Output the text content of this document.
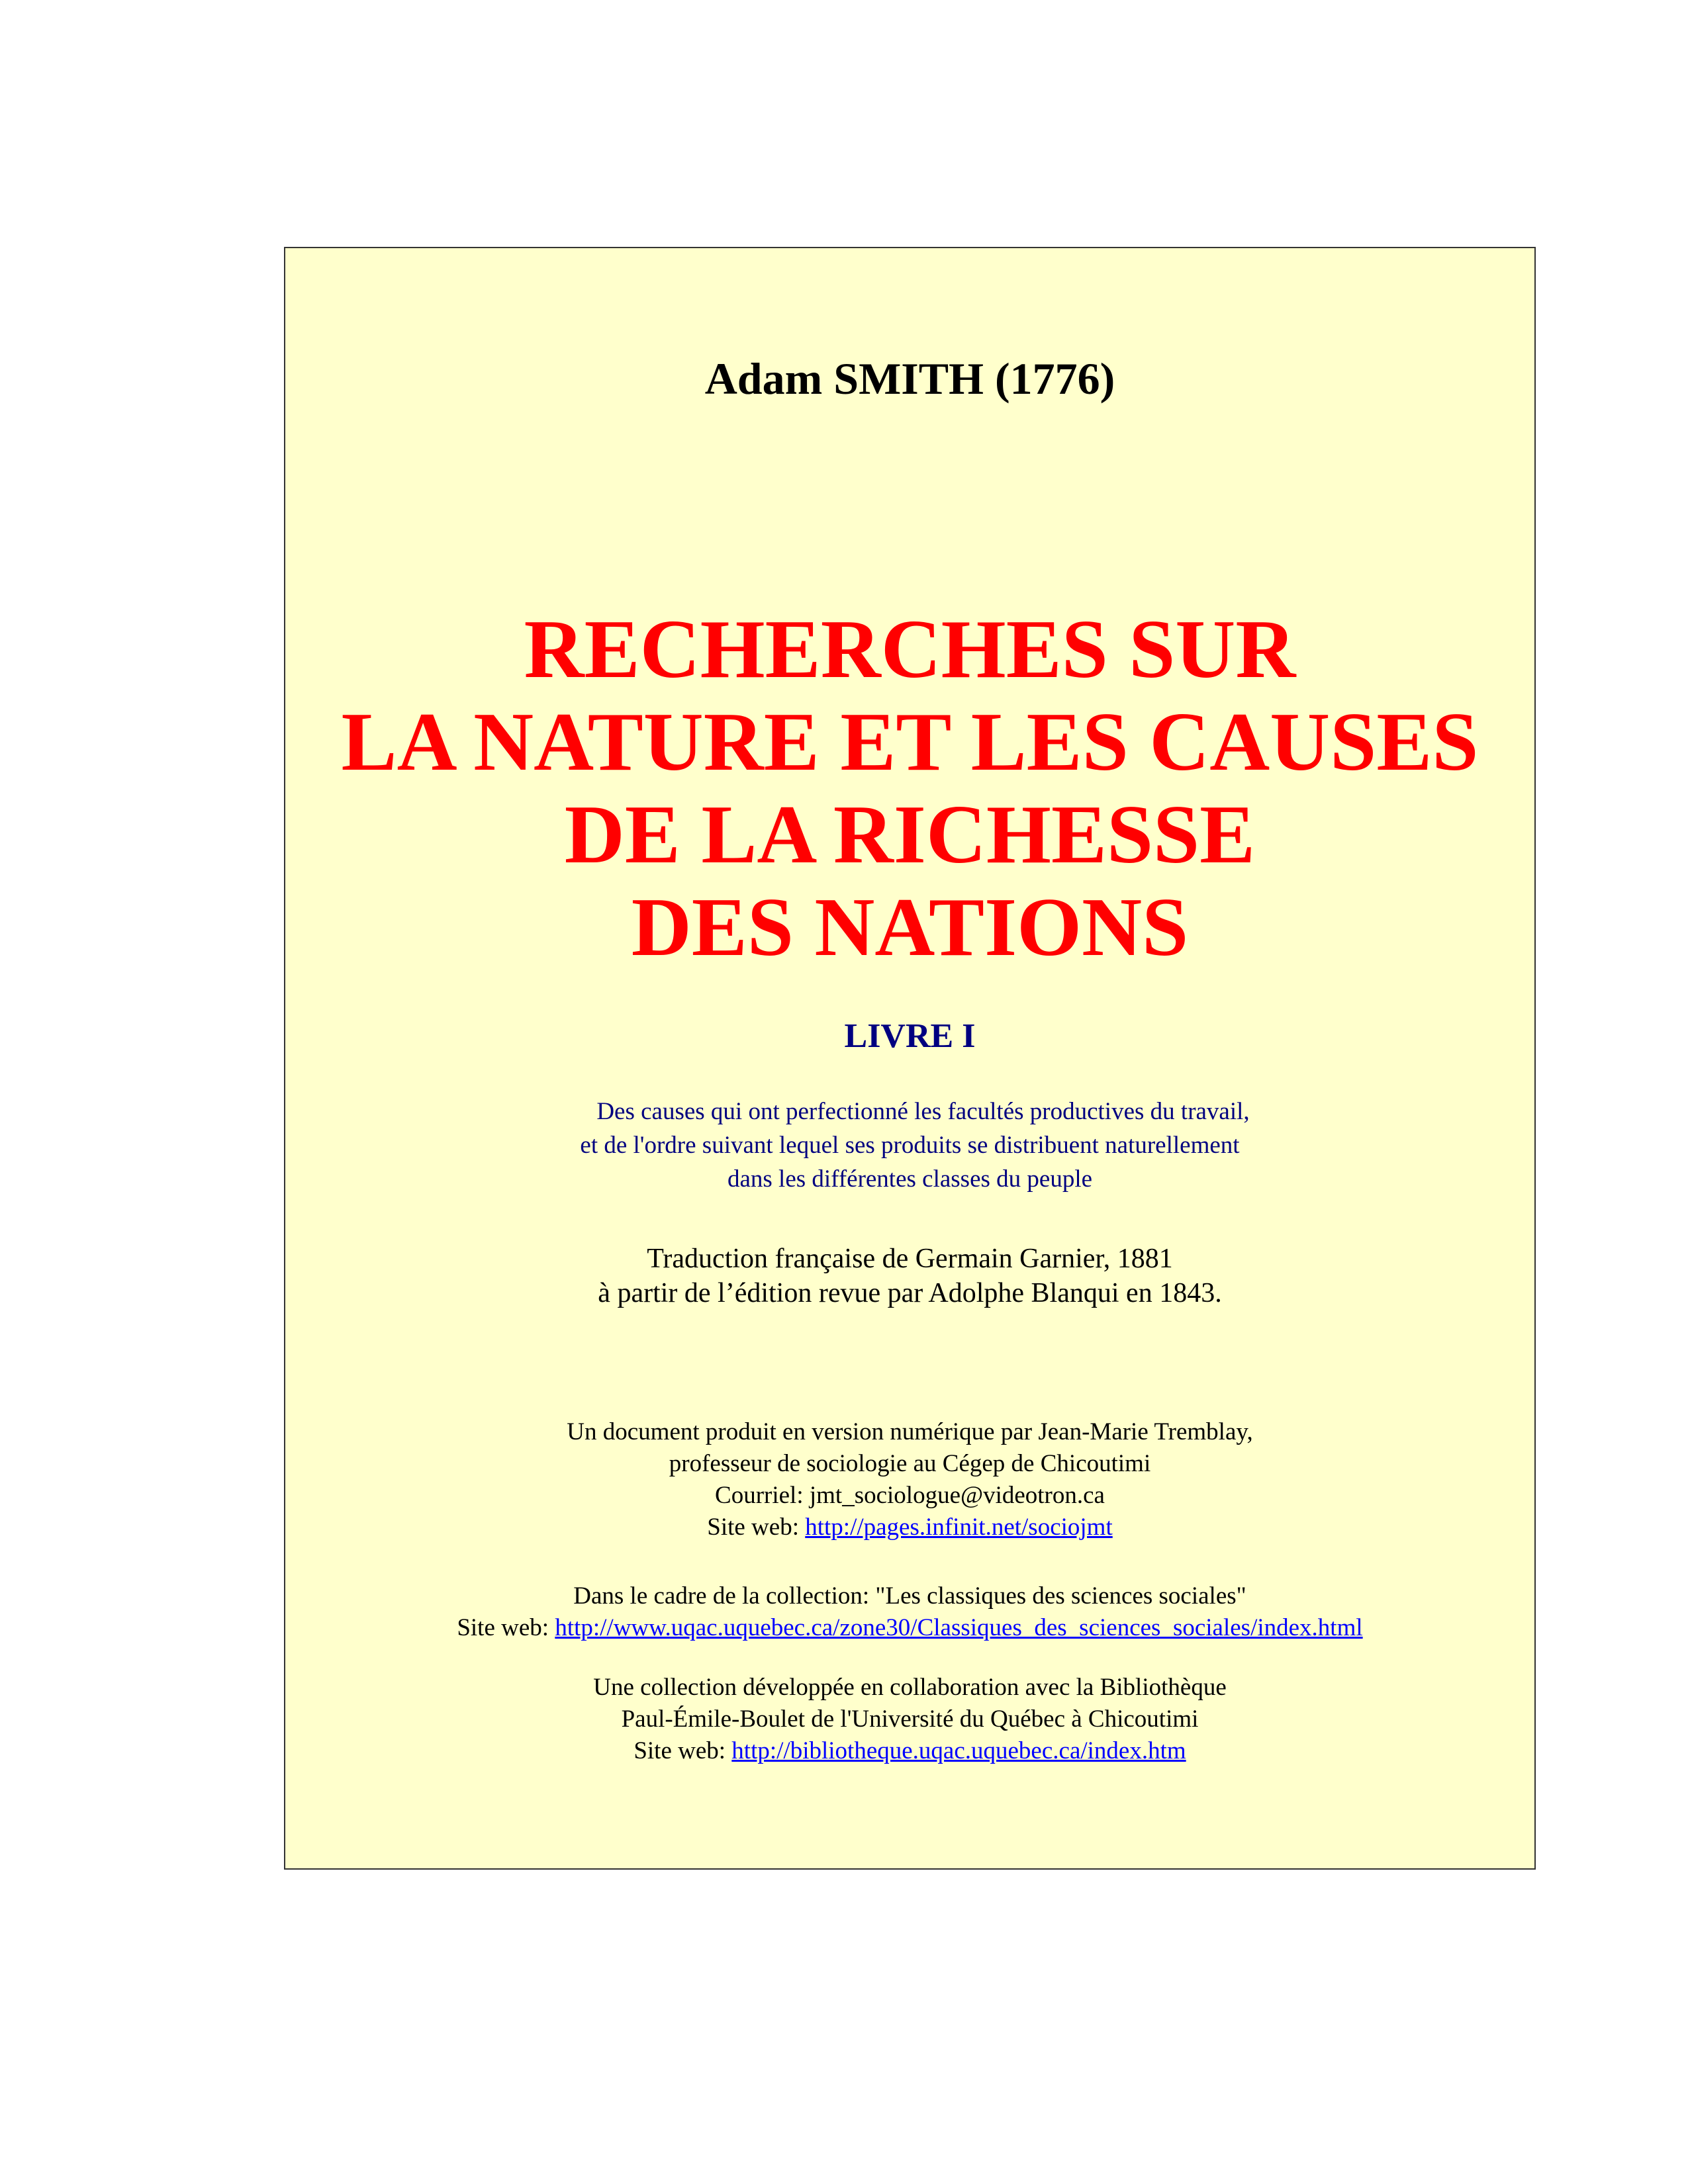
Adam SMITH (1776)
RECHERCHES SUR
LA NATURE ET LES CAUSES
DE LA RICHESSE
DES NATIONS
LIVRE I

Des causes qui ont perfectionné les facultés productives du travail,
et de l'ordre suivant lequel ses produits se distribuent naturellement
dans les différentes classes du peuple

Traduction française de Germain Garnier, 1881
à partir de l’édition revue par Adolphe Blanqui en 1843.

Un document produit en version numérique par Jean-Marie Tremblay,
professeur de sociologie au Cégep de Chicoutimi
Courriel: jmt_sociologue@videotron.ca
Site web: http://pages.infinit.net/sociojmt
Dans le cadre de la collection: "Les classiques des sciences sociales"
Site web: http://www.uqac.uquebec.ca/zone30/Classiques_des_sciences_sociales/index.html
Une collection développée en collaboration avec la Bibliothèque
Paul-Émile-Boulet de l'Université du Québec à Chicoutimi
Site web: http://bibliotheque.uqac.uquebec.ca/index.htm
